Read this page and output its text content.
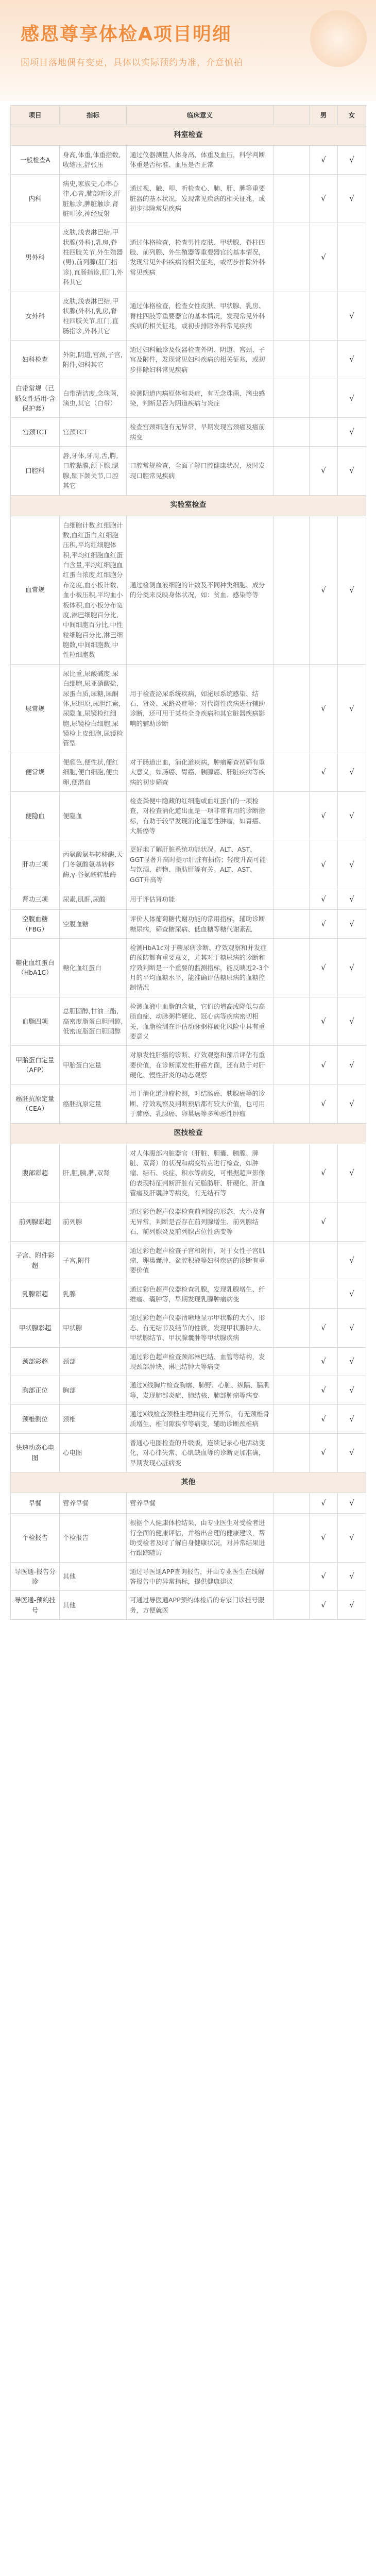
感恩尊享体检A项目明细

因项目落地偶有变更，具体以实际预约为准，介意慎拍

项目	指标	临床意义		男	女
科室检查					
一般检查A	身高,体重,体重指数,收缩压,舒张压	通过仪器测量人体身高、体重及血压，科学判断体重是否标准、血压是否正常		√	√
内科	病史,家族史,心率心律,心音,肺部听诊,肝脏触诊,脾脏触诊,肾脏叩诊,神经反射	通过视、触、叩、听检查心、肺、肝、脾等重要脏器的基本状况，发现常见疾病的相关征兆，或初步排除常见疾病		√	√
男外科	皮肤,浅表淋巴结,甲状腺(外科),乳房,脊柱四肢关节,外生殖器(男),前列腺(肛门指诊),直肠指诊,肛门,外科其它	通过体格检查，检查男性皮肤、甲状腺、脊柱四肢、前列腺、外生殖器等重要器官的基本情况，发现常见外科疾病的相关征兆，或初步排除外科常见疾病		√	
女外科	皮肤,浅表淋巴结,甲状腺(外科),乳房,脊柱四肢关节,肛门,直肠指诊,外科其它	通过体格检查，检查女性皮肤、甲状腺、乳房、脊柱四肢等重要器官的基本情况，发现常见外科疾病的相关征兆，或初步排除外科常见疾病			√
妇科检查	外阴,阴道,宫颈,子宫,附件,妇科其它	通过妇科触诊及仪器检查外阴、阴道、宫颈、子宫及附件，发现常见妇科疾病的相关征兆，或初步排除妇科常见疾病			√
白带常规（已婚女性适用·含保护套）	白带清洁度,念珠菌,滴虫,其它（白带）	检测阴道内病原体和炎症，有无念珠菌、滴虫感染，判断是否为阴道疾病与炎症			√
宫颈TCT	宫颈TCT	检查宫颈细胞有无异常，早期发现宫颈癌及癌前病变			√
口腔科	唇,牙体,牙周,舌,腭,口腔黏膜,颌下腺,腮腺,颞下颌关节,口腔其它	口腔常规检查，全面了解口腔健康状况，及时发现口腔常见疾病		√	√
实验室检查					
血常规	白细胞计数,红细胞计数,血红蛋白,红细胞压积,平均红细胞体积,平均红细胞血红蛋白含量,平均红细胞血红蛋白浓度,红细胞分布宽度,血小板计数,血小板压积,平均血小板体积,血小板分布宽度,淋巴细胞百分比,中间细胞百分比,中性粒细胞百分比,淋巴细胞数,中间细胞数,中性粒细胞数	通过检测血液细胞的计数及不同种类细胞、成分的分类来反映身体状况，如：贫血、感染等等		√	√
尿常规	尿比重,尿酸碱度,尿白细胞,尿亚硝酸盐,尿蛋白质,尿糖,尿酮体,尿胆原,尿胆红素,尿隐血,尿镜检红细胞,尿镜检白细胞,尿镜检上皮细胞,尿镜检管型	用于检查泌尿系统疾病，如泌尿系统感染、结石、肾炎、尿路炎症等；对代谢性疾病进行辅助诊断，还可用于某些全身疾病和其它脏器疾病影响的辅助诊断		√	√
便常规	便颜色,便性状,便红细胞,便白细胞,便虫卵,便潜血	对于肠道出血，消化道疾病，肿瘤筛查初筛有重大意义，如肠癌、胃癌、胰腺癌、肝脏疾病等疾病的初步筛查		√	√
便隐血	便隐血	检查粪便中隐藏的红细胞或血红蛋白的一项检查，对检查消化道出血是一项非常有用的诊断指标，有助于较早发现消化道恶性肿瘤，如胃癌、大肠癌等		√	√
肝功三项	丙氨酸氨基转移酶,天门冬氨酸氨基转移酶,γ-谷氨酰转肽酶	更好地了解肝脏系统功能状况。ALT、AST、GGT显著升高时提示肝脏有损伤；轻度升高可能与饮酒、药物、脂肪肝等有关。ALT、AST、GGT升高等		√	√
肾功三项	尿素,肌酐,尿酸	用于评估肾功能		√	√
空腹血糖（FBG）	空腹血糖	评价人体葡萄糖代谢功能的常用指标，辅助诊断糖尿病，筛查糖尿病、低血糖等糖代谢紊乱		√	√
糖化血红蛋白（HbA1C）	糖化血红蛋白	检测HbA1c对于糖尿病诊断、疗效观察和并发症的预防都有重要意义，尤其对于糖尿病的诊断和疗效判断是一个重要的监测指标，能反映近2-3个月的平均血糖水平，能准确评估糖尿病的血糖控制情况		√	√
血脂四项	总胆固醇,甘油三酯,高密度脂蛋白胆固醇,低密度脂蛋白胆固醇	检测血液中血脂的含量，它们的增高或降低与高脂血症、动脉粥样硬化、冠心病等疾病密切相关，血脂检测在评估动脉粥样硬化风险中具有重要意义		√	√
甲胎蛋白定量（AFP）	甲胎蛋白定量	对原发性肝癌的诊断、疗效观察和预后评估有重要价值，在诊断原发性肝癌方面，还有助于对肝硬化、慢性肝炎的动态观察		√	√
癌胚抗原定量（CEA）	癌胚抗原定量	用于消化道肿瘤检测，对结肠癌、胰腺癌等的诊断、疗效观察及判断预后都有较大价值，也可用于肺癌、乳腺癌、卵巢癌等多种恶性肿瘤		√	√
医技检查					
腹部彩超	肝,胆,胰,脾,双肾	对人体腹部内脏器官（肝脏、胆囊、胰腺、脾脏、双肾）的状况和病变特点进行检查，如肿瘤、结石、炎症、积水等病变，可根据超声影像的表现特征判断肝脏有无脂肪肝、肝硬化、肝血管瘤及肝囊肿等病变，有无结石等		√	√
前列腺彩超	前列腺	通过彩色超声仪器检查前列腺的形态、大小及有无异常，判断是否存在前列腺增生、前列腺结石、前列腺炎及前列腺占位性病变等		√	
子宫、附件彩超	子宫,附件	通过彩色超声检查子宫和附件，对于女性子宫肌瘤、卵巢囊肿、盆腔积液等妇科疾病的诊断有重要价值			√
乳腺彩超	乳腺	通过彩色超声仪器检查乳腺，发现乳腺增生、纤维瘤、囊肿等，早期发现乳腺肿瘤病变			√
甲状腺彩超	甲状腺	通过彩色超声仪器清晰地显示甲状腺的大小、形态、有无结节及结节的性质，发现甲状腺肿大、甲状腺结节、甲状腺囊肿等甲状腺疾病		√	√
颈部彩超	颈部	通过彩色超声检查颈部淋巴结、血管等结构，发现颈部肿块、淋巴结肿大等病变		√	√
胸部正位	胸部	通过X线胸片检查胸廓、肺野、心脏、纵隔、膈肌等，发现肺部炎症、肺结核、肺部肿瘤等病变		√	√
颈椎侧位	颈椎	通过X线检查颈椎生理曲度有无异常，有无颈椎骨质增生、椎间隙狭窄等病变，辅助诊断颈椎病		√	√
快速动态心电图	心电图	普通心电图检查的升级版，连续记录心电活动变化，对心律失常、心肌缺血等的诊断更加准确，早期发现心脏病变		√	√
其他					
早餐	营养早餐	营养早餐		√	√
个检报告	个检报告	根据个人健康体检结果，由专业医生对受检者进行全面的健康评估，并给出合理的健康建议，帮助受检者及时了解自身健康状况，对异常结果进行跟踪随访		√	√
导医通-报告分诊	其他	通过导医通APP查询报告，并由专业医生在线解答报告中的异常指标，提供健康建议		√	√
导医通-预约挂号	其他	可通过导医通APP预约体检后的专家门诊挂号服务，方便就医		√	√
